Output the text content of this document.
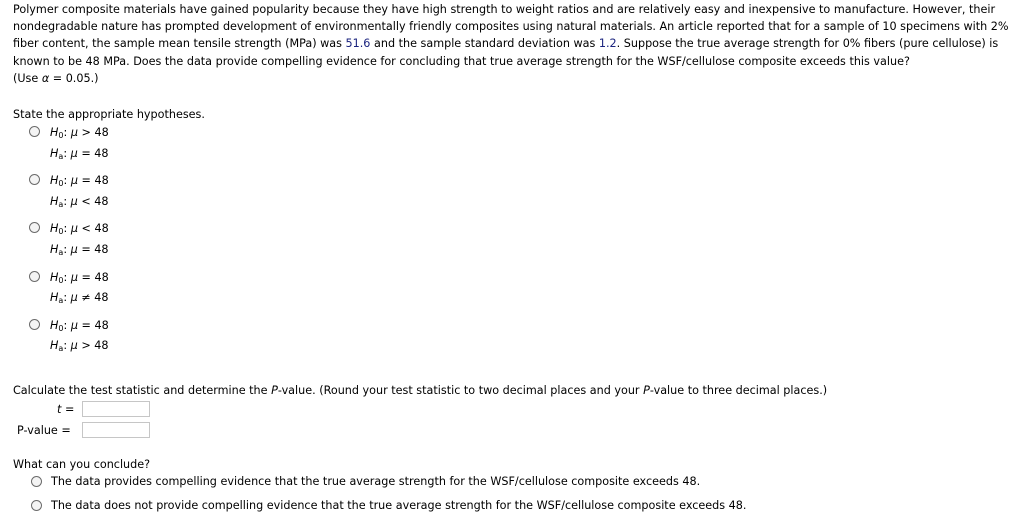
Polymer composite materials have gained popularity because they have high strength to weight ratios and are relatively easy and inexpensive to manufacture. However, their nondegradable nature has prompted development of environmentally friendly composites using natural materials. An article reported that for a sample of 10 specimens with 2% fiber content, the sample mean tensile strength (MPa) was 51.6 and the sample standard deviation was 1.2. Suppose the true average strength for 0% fibers (pure cellulose) is known to be 48 MPa. Does the data provide compelling evidence for concluding that true average strength for the WSF/cellulose composite exceeds this value?
(Use α = 0.05.)

State the appropriate hypotheses.

$H_0$: μ > 48
$H_a$: μ = 48
$H_0$: μ = 48
$H_a$: μ < 48
$H_0$: μ < 48
$H_a$: μ = 48
$H_0$: μ = 48
$H_a$: μ ≠ 48
$H_0$: μ = 48
$H_a$: μ > 48

Calculate the test statistic and determine the P-value. (Round your test statistic to two decimal places and your P-value to three decimal places.)

t =
P-value =

What can you conclude?

The data provides compelling evidence that the true average strength for the WSF/cellulose composite exceeds 48.
The data does not provide compelling evidence that the true average strength for the WSF/cellulose composite exceeds 48.
